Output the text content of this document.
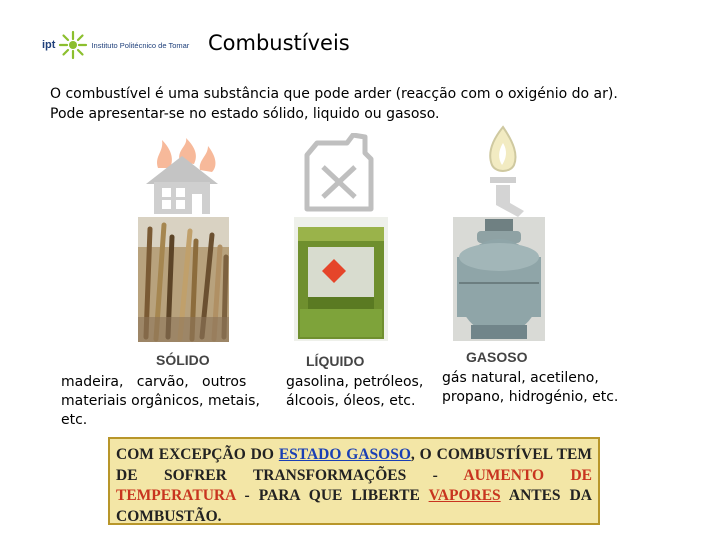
ipt	Instituto Politécnico de Tomar Combustíveis
O combustível é uma substância que pode arder (reacção com o oxigénio do ar).
Pode apresentar-se no estado sólido, liquido ou gasoso.
SÓLIDO
madeira,   carvão,   outros
materiais orgânicos, metais,
etc.
LÍQUIDO
gasolina, petróleos,
álcoois, óleos, etc.
GASOSO
gás natural, acetileno,
propano, hidrogénio, etc.
COM EXCEPÇÃO DO ESTADO GASOSO, O COMBUSTÍVEL TEM DE SOFRER TRANSFORMAÇÕES - AUMENTO DE TEMPERATURA - PARA QUE LIBERTE VAPORES ANTES DA COMBUSTÃO.
